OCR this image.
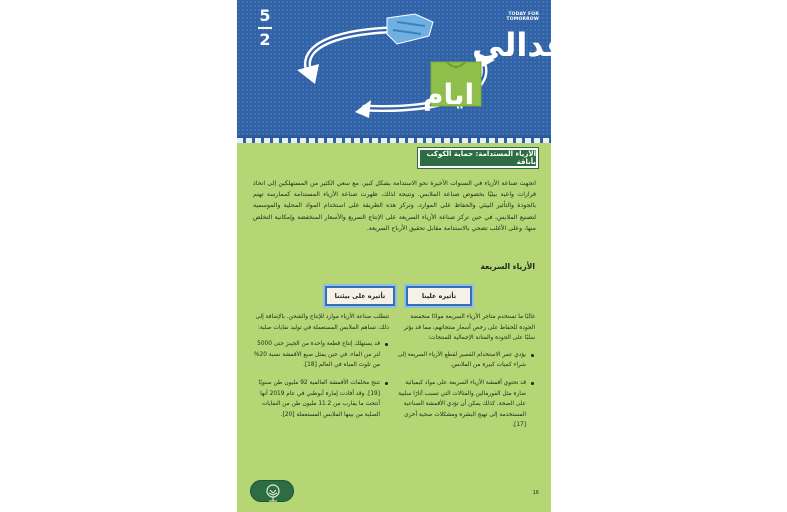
غدالي
ايام
5
2
TODAY FOR
TOMORROW
الأزياء المستدامة: حماية الكوكب بأناقة

اتجهت صناعة الأزياء في السنوات الأخيرة نحو الاستدامة بشكل كبير، مع سعي الكثير من المستهلكين إلى اتخاذ قرارات واعية بيئيًا بخصوص صناعة الملابس. ونتيجة لذلك، ظهرت صناعة الأزياء المستدامة كممارسة تهتم بالجودة والتأثير البيئي والحفاظ على الموارد، وتركز هذه الطريقة على استخدام المواد المحلية والموسمية لتصنيع الملابس، في حين تركز صناعة الأزياء السريعة على الإنتاج السريع والأسعار المنخفضة وإمكانية التخلص منها، وعلى الأغلب تضحي بالاستدامة مقابل تحقيق الأرباح السريعة.

الأزياء السريعة
تأثيره علينا
تأثيره على بيئتنا

غالبًا ما تستخدم متاجر الأزياء السريعة موادًا منخفضة الجودة للحفاظ على رخص أسعار منتجاتهم، مما قد يؤثر سلبًا على الجودة والمتانة الإجمالية للمنتجات:

يؤدي عمر الاستخدام القصير لقطع الأزياء السريعة إلى شراء كميات كبيرة من الملابس.
قد تحتوي أقمشة الأزياء السريعة على مواد كيميائية ضارة مثل الفورمالين والفثالات التي تسبب آثارًا سلبية على الصحة. كذلك يمكن أن تؤدي الأقمشة الصناعية المستخدمة إلى تهيج البشرة ومشكلات صحية أخرى [17].

تتطلب صناعة الأزياء موارد للإنتاج والشحن. بالإضافة إلى ذلك، تساهم الملابس المستعملة في توليد نفايات صلبة:

قد يستهلك إنتاج قطعة واحدة من الجينز حتى 5000 لتر من الماء، في حين يمثل صبغ الأقمشة نسبة 20% من تلوث المياه في العالم [18].
تنتج مخلفات الأقمشة العالمية 92 مليون طن سنويًا [19]. وقد أفادت إمارة أبوظبي في عام 2019 أنها أنتجت ما يقارب من 11.2 مليون طن من النفايات الصلبة من بينها الملابس المستعملة [20].
16
